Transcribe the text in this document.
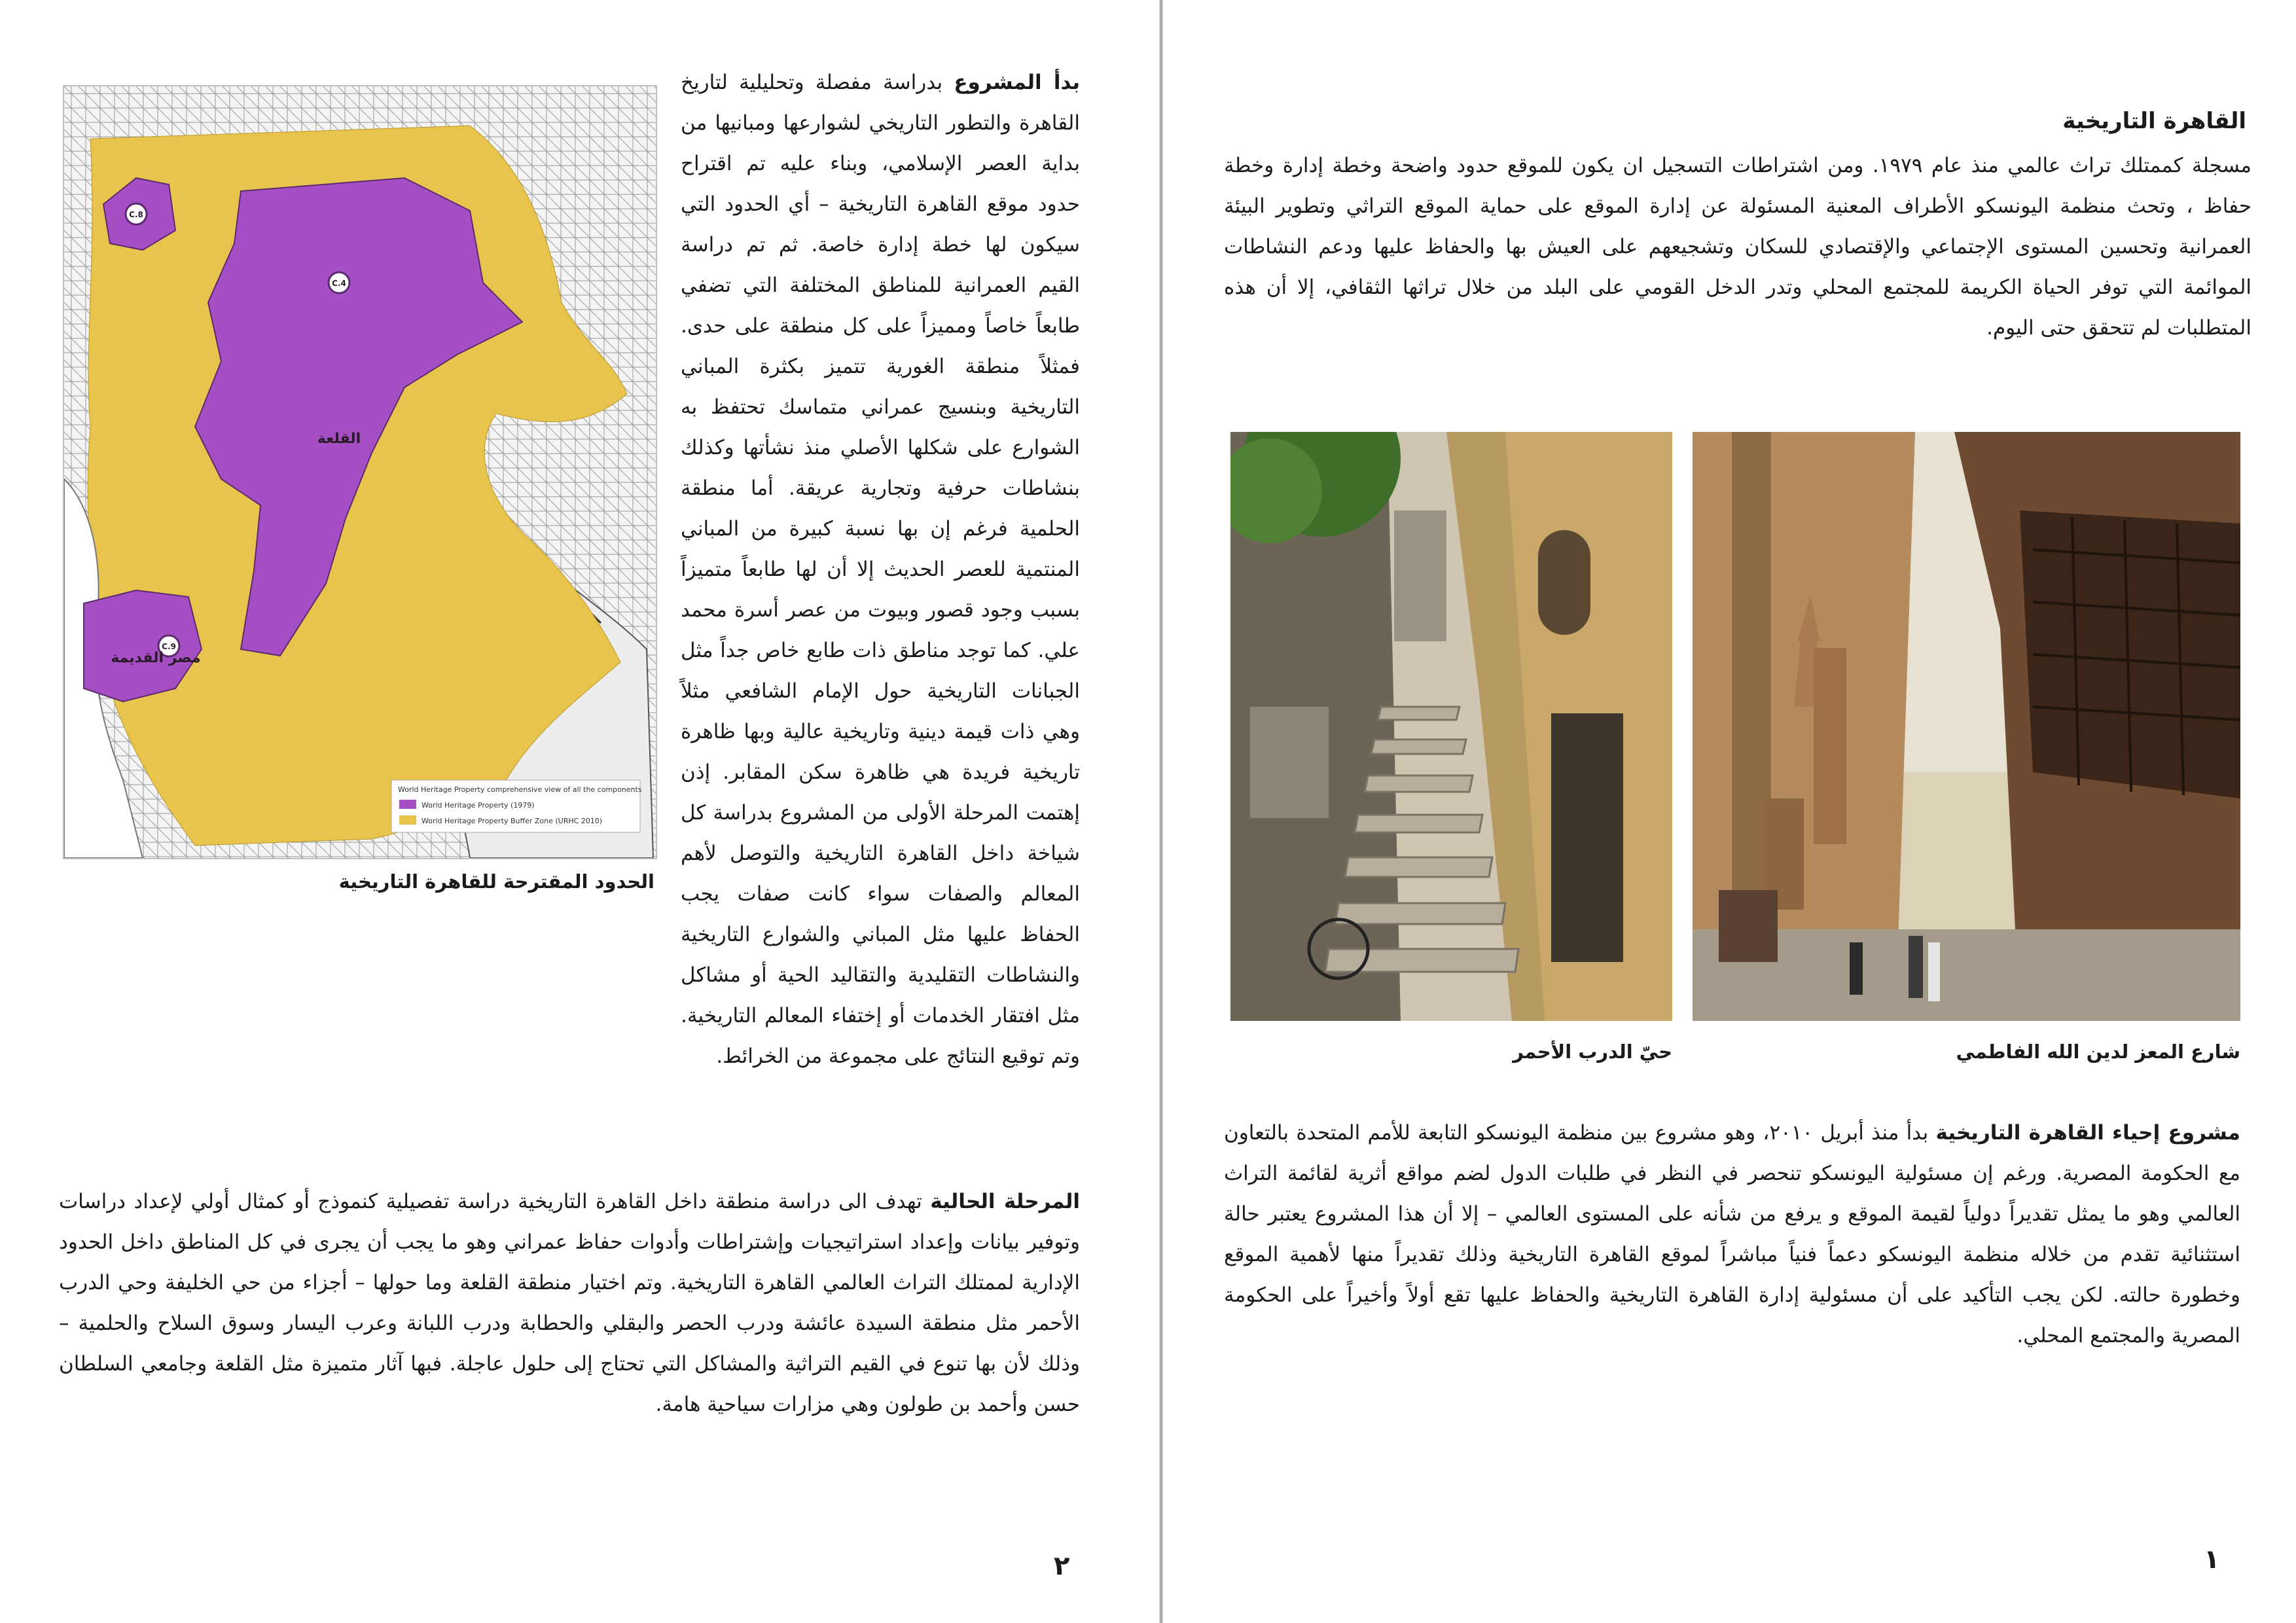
بدأ المشروع بدراسة مفصلة وتحليلية لتاريخ القاهرة والتطور التاريخي لشوارعها ومبانيها من بداية العصر الإسلامي، وبناء عليه تم اقتراح حدود موقع القاهرة التاريخية – أي الحدود التي سيكون لها خطة إدارة خاصة. ثم تم دراسة القيم العمرانية للمناطق المختلفة التي تضفي طابعاً خاصاً ومميزاً على كل منطقة على حدى. فمثلاً منطقة الغورية تتميز بكثرة المباني التاريخية وبنسيج عمراني متماسك تحتفظ به الشوارع على شكلها الأصلي منذ نشأتها وكذلك بنشاطات حرفية وتجارية عريقة. أما منطقة الحلمية فرغم إن بها نسبة كبيرة من المباني المنتمية للعصر الحديث إلا أن لها طابعاً متميزاً بسبب وجود قصور وبيوت من عصر أسرة محمد علي. كما توجد مناطق ذات طابع خاص جداً مثل الجبانات التاريخية حول الإمام الشافعي مثلاً وهي ذات قيمة دينية وتاريخية عالية وبها ظاهرة تاريخية فريدة هي ظاهرة سكن المقابر. إذن إهتمت المرحلة الأولى من المشروع بدراسة كل شياخة داخل القاهرة التاريخية والتوصل لأهم المعالم والصفات سواء كانت صفات يجب الحفاظ عليها مثل المباني والشوارع التاريخية والنشاطات التقليدية والتقاليد الحية أو مشاكل مثل افتقار الخدمات أو إختفاء المعالم التاريخية. وتم توقيع النتائج على مجموعة من الخرائط.
C.8
C.4
C.9
القلعة
مصر القديمة
World Heritage Property comprehensive view of all the components
World Heritage Property (1979)
World Heritage Property Buffer Zone (URHC 2010)
الحدود المقترحة للقاهرة التاريخية
المرحلة الحالية تهدف الى دراسة منطقة داخل القاهرة التاريخية دراسة تفصيلية كنموذج أو كمثال أولي لإعداد دراسات وتوفير بيانات وإعداد استراتيجيات وإشتراطات وأدوات حفاظ عمراني وهو ما يجب أن يجرى في كل المناطق داخل الحدود الإدارية لممتلك التراث العالمي القاهرة التاريخية. وتم اختيار منطقة القلعة وما حولها – أجزاء من حي الخليفة وحي الدرب الأحمر مثل منطقة السيدة عائشة ودرب الحصر والبقلي والحطابة ودرب اللبانة وعرب اليسار وسوق السلاح والحلمية – وذلك لأن بها تنوع في القيم التراثية والمشاكل التي تحتاج إلى حلول عاجلة. فبها آثار متميزة مثل القلعة وجامعي السلطان حسن وأحمد بن طولون وهي مزارات سياحية هامة.
٢
القاهرة التاريخية
مسجلة كممتلك تراث عالمي منذ عام ١٩٧٩. ومن اشتراطات التسجيل ان يكون للموقع حدود واضحة وخطة إدارة وخطة حفاظ ، وتحث منظمة اليونسكو الأطراف المعنية المسئولة عن إدارة الموقع على حماية الموقع التراثي وتطوير البيئة العمرانية وتحسين المستوى الإجتماعي والإقتصادي للسكان وتشجيعهم على العيش بها والحفاظ عليها ودعم النشاطات الموائمة التي توفر الحياة الكريمة للمجتمع المحلي وتدر الدخل القومي على البلد من خلال تراثها الثقافي، إلا أن هذه المتطلبات لم تتحقق حتى اليوم.
شارع المعز لدين الله الفاطمي
حيّ الدرب الأحمر
مشروع إحياء القاهرة التاريخية بدأ منذ أبريل ٢٠١٠، وهو مشروع بين منظمة اليونسكو التابعة للأمم المتحدة بالتعاون مع الحكومة المصرية. ورغم إن مسئولية اليونسكو تنحصر في النظر في طلبات الدول لضم مواقع أثرية لقائمة التراث العالمي وهو ما يمثل تقديراً دولياً لقيمة الموقع و يرفع من شأنه على المستوى العالمي – إلا أن هذا المشروع يعتبر حالة استثنائية تقدم من خلاله منظمة اليونسكو دعماً فنياً مباشراً لموقع القاهرة التاريخية وذلك تقديراً منها لأهمية الموقع وخطورة حالته. لكن يجب التأكيد على أن مسئولية إدارة القاهرة التاريخية والحفاظ عليها تقع أولاً وأخيراً على الحكومة المصرية والمجتمع المحلي.
١
